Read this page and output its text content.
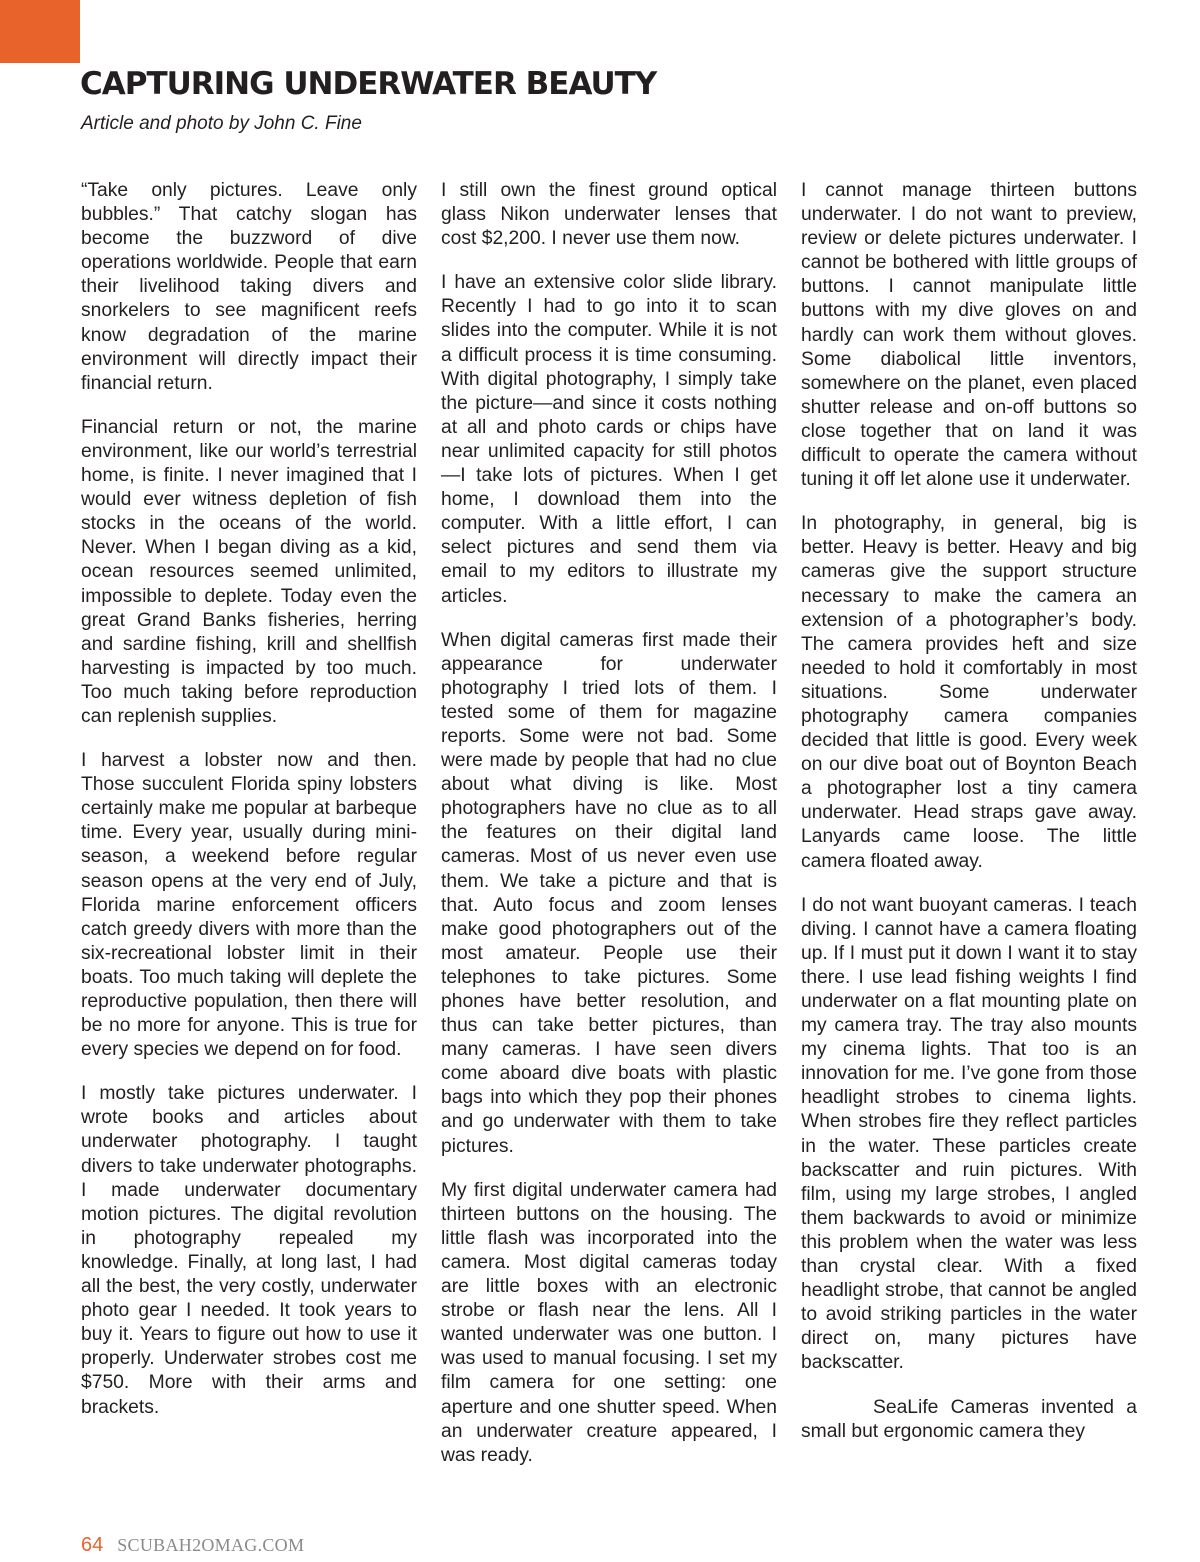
CAPTURING UNDERWATER BEAUTY

Article and photo by John C. Fine

“Take only pictures. Leave only bubbles.” That catchy slogan has become the buzzword of dive operations worldwide. People that earn their livelihood taking divers and snorkelers to see magnificent reefs know degradation of the marine environment will directly impact their financial return.

Financial return or not, the marine environment, like our world’s terrestrial home, is finite. I never imagined that I would ever witness depletion of fish stocks in the oceans of the world. Never. When I began diving as a kid, ocean resources seemed unlimited, impossible to deplete. Today even the great Grand Banks fisheries, herring and sardine fishing, krill and shellfish harvesting is impacted by too much. Too much taking before reproduction can replenish supplies.

I harvest a lobster now and then. Those succulent Florida spiny lobsters certainly make me popular at barbeque time. Every year, usually during mini-season, a weekend before regular season opens at the very end of July, Florida marine enforcement officers catch greedy divers with more than the six-recreational lobster limit in their boats. Too much taking will deplete the reproductive population, then there will be no more for anyone. This is true for every species we depend on for food.

I mostly take pictures underwater. I wrote books and articles about underwater photography. I taught divers to take underwater photographs. I made underwater documentary motion pictures. The digital revolution in photography repealed my knowledge. Finally, at long last, I had all the best, the very costly, underwater photo gear I needed. It took years to buy it. Years to figure out how to use it properly. Underwater strobes cost me $750. More with their arms and brackets.

I still own the finest ground optical glass Nikon underwater lenses that cost $2,200. I never use them now.

I have an extensive color slide library. Recently I had to go into it to scan slides into the computer. While it is not a difficult process it is time consuming. With digital photography, I simply take the picture—and since it costs nothing at all and photo cards or chips have near unlimited capacity for still photos—I take lots of pictures. When I get home, I download them into the computer. With a little effort, I can select pictures and send them via email to my editors to illustrate my articles.

When digital cameras first made their appearance for underwater photography I tried lots of them. I tested some of them for magazine reports. Some were not bad. Some were made by people that had no clue about what diving is like. Most photographers have no clue as to all the features on their digital land cameras. Most of us never even use them. We take a picture and that is that. Auto focus and zoom lenses make good photographers out of the most amateur. People use their telephones to take pictures. Some phones have better resolution, and thus can take better pictures, than many cameras. I have seen divers come aboard dive boats with plastic bags into which they pop their phones and go underwater with them to take pictures.

My first digital underwater camera had thirteen buttons on the housing. The little flash was incorporated into the camera. Most digital cameras today are little boxes with an electronic strobe or flash near the lens. All I wanted underwater was one button. I was used to manual focusing. I set my film camera for one setting: one aperture and one shutter speed. When an underwater creature appeared, I was ready.

I cannot manage thirteen buttons underwater. I do not want to preview, review or delete pictures underwater. I cannot be bothered with little groups of buttons. I cannot manipulate little buttons with my dive gloves on and hardly can work them without gloves. Some diabolical little inventors, somewhere on the planet, even placed shutter release and on-off buttons so close together that on land it was difficult to operate the camera without tuning it off let alone use it underwater.

In photography, in general, big is better. Heavy is better. Heavy and big cameras give the support structure necessary to make the camera an extension of a photographer’s body. The camera provides heft and size needed to hold it comfortably in most situations. Some underwater photography camera companies decided that little is good. Every week on our dive boat out of Boynton Beach a photographer lost a tiny camera underwater. Head straps gave away. Lanyards came loose. The little camera floated away.

I do not want buoyant cameras. I teach diving. I cannot have a camera floating up. If I must put it down I want it to stay there. I use lead fishing weights I find underwater on a flat mounting plate on my camera tray. The tray also mounts my cinema lights. That too is an innovation for me. I’ve gone from those headlight strobes to cinema lights. When strobes fire they reflect particles in the water. These particles create backscatter and ruin pictures. With film, using my large strobes, I angled them backwards to avoid or minimize this problem when the water was less than crystal clear. With a fixed headlight strobe, that cannot be angled to avoid striking particles in the water direct on, many pictures have backscatter.

SeaLife Cameras invented a small but ergonomic camera they

64 SCUBAH2OMAG.COM
